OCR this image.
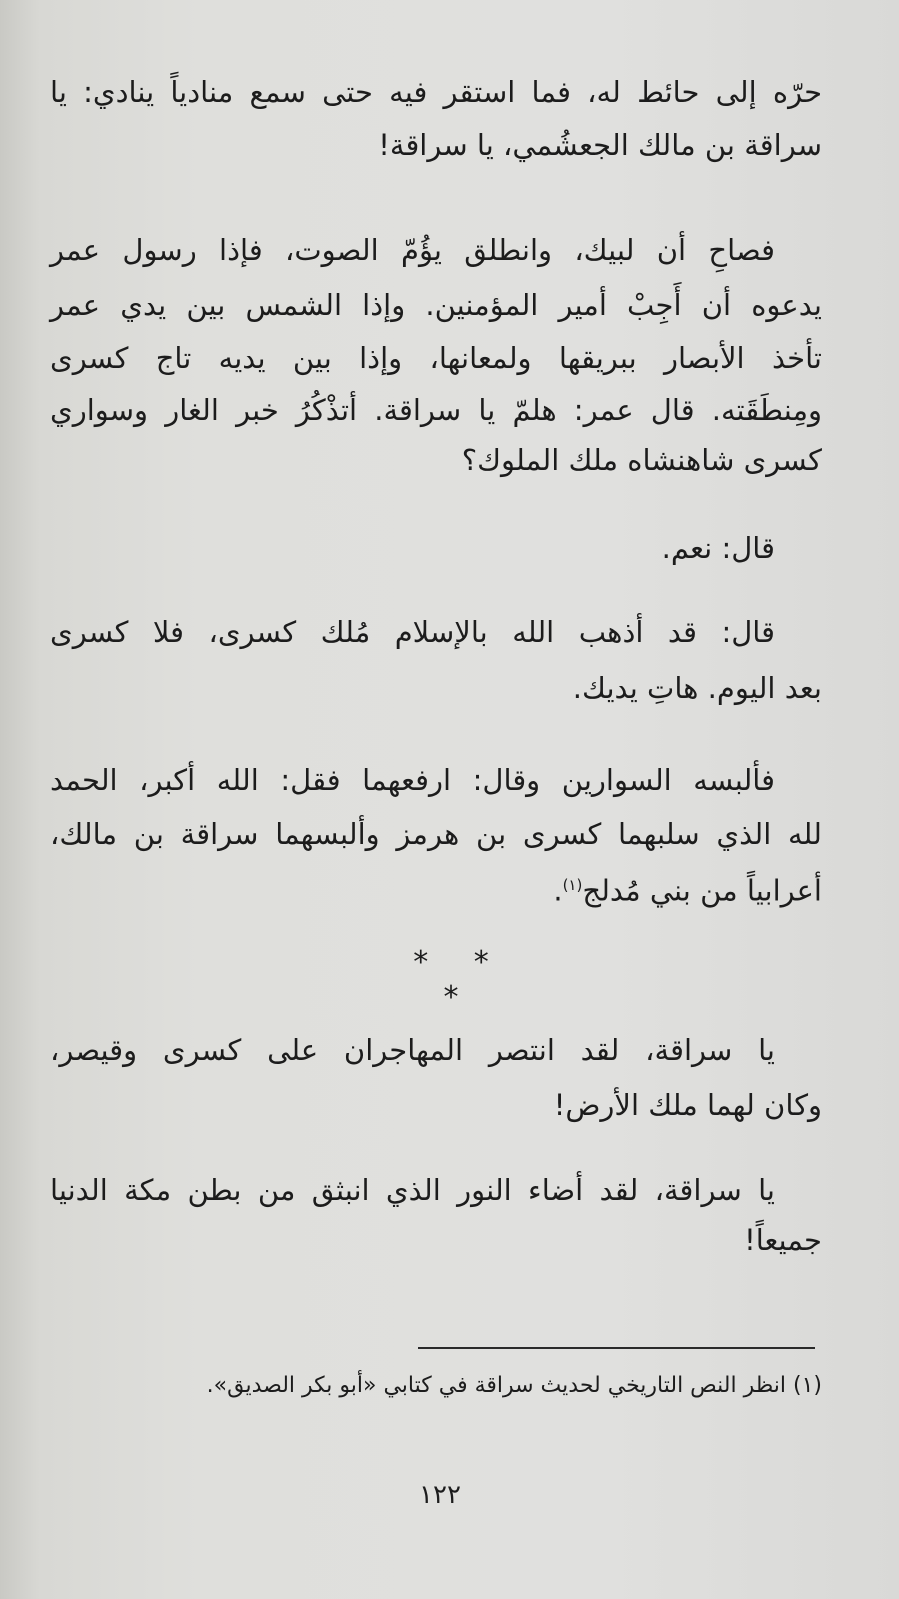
حرّه إلى حائط له، فما استقر فيه حتى سمع منادياً ينادي: يا
سراقة بن مالك الجعشُمي، يا سراقة!
فصاحِ أن لبيك، وانطلق يؤُمّ الصوت، فإذا رسول عمر
يدعوه أن أَجِبْ أمير المؤمنين. وإذا الشمس بين يدي عمر
تأخذ الأبصار ببريقها ولمعانها، وإذا بين يديه تاج كسرى
ومِنطَقَته. قال عمر: هلمّ يا سراقة. أتذْكُرُ خبر الغار وسواري
كسرى شاهنشاه ملك الملوك؟
قال: نعم.
قال: قد أذهب الله بالإسلام مُلك كسرى، فلا كسرى
بعد اليوم. هاتِ يديك.
فألبسه السوارين وقال: ارفعهما فقل: الله أكبر، الحمد
لله الذي سلبهما كسرى بن هرمز وألبسهما سراقة بن مالك،
أعرابياً من بني مُدلج$^{(١)}$.
* * *
يا سراقة، لقد انتصر المهاجران على كسرى وقيصر،
وكان لهما ملك الأرض!
يا سراقة، لقد أضاء النور الذي انبثق من بطن مكة الدنيا
جميعاً!
(١) انظر النص التاريخي لحديث سراقة في كتابي «أبو بكر الصديق».
١٢٢
